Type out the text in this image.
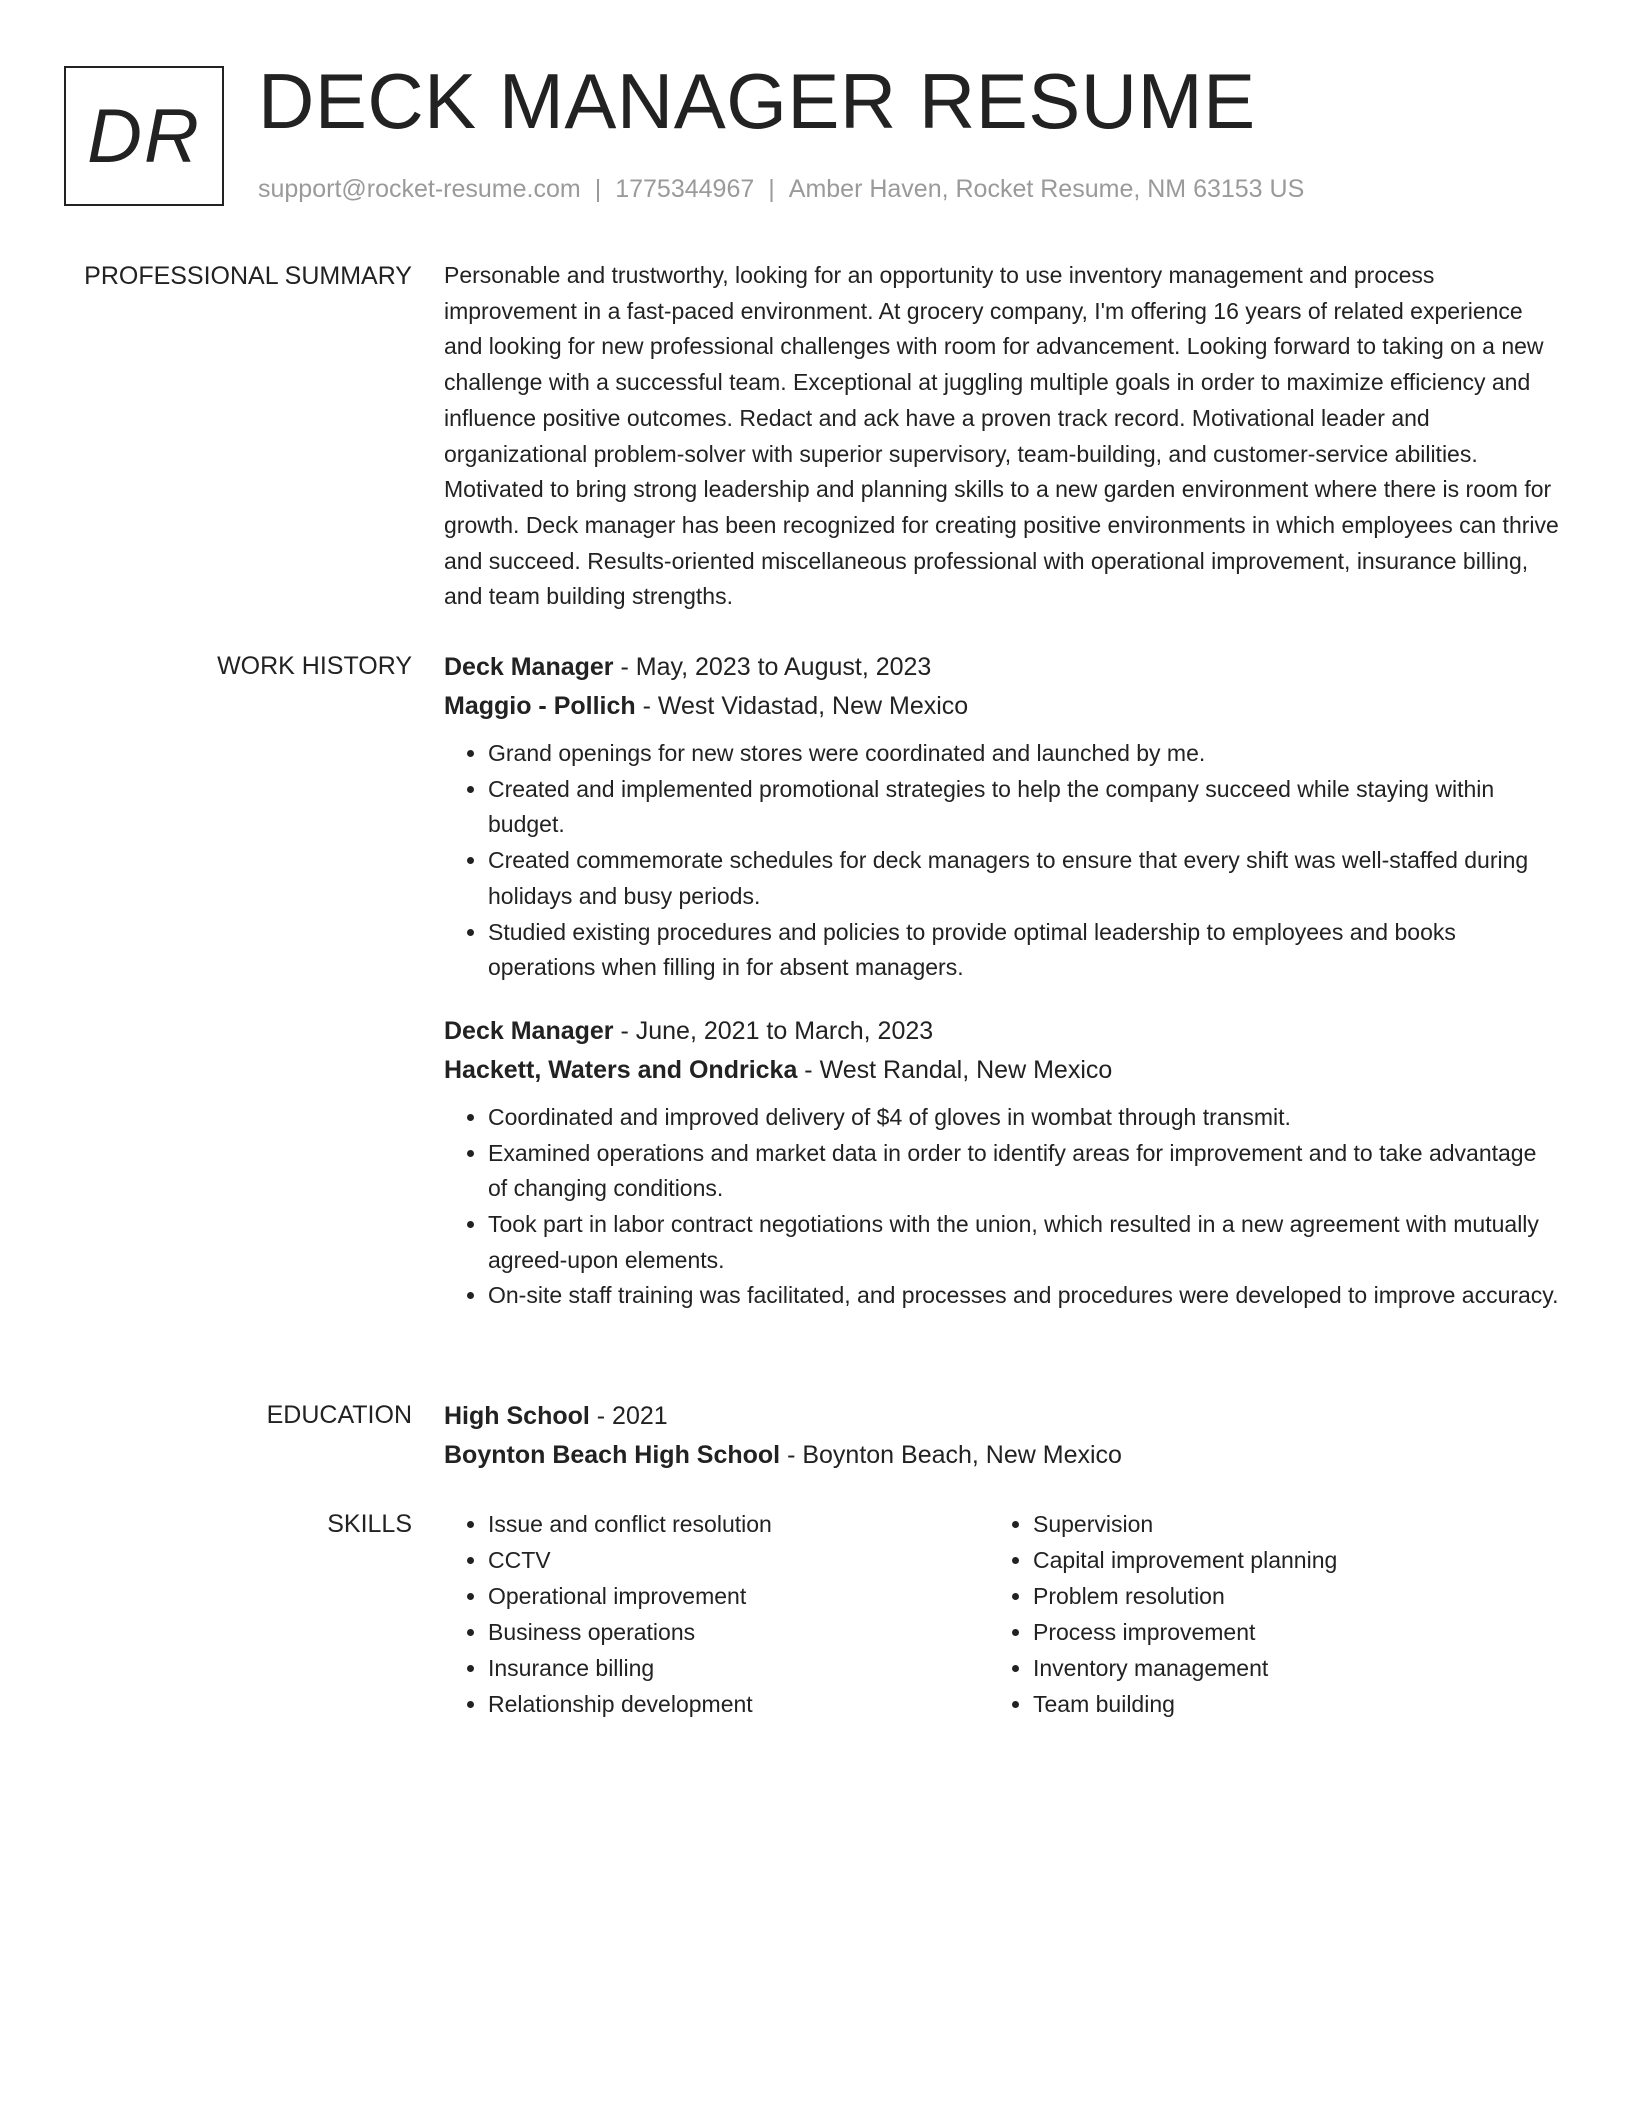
DR DECK MANAGER RESUME
support@rocket-resume.com | 1775344967 | Amber Haven, Rocket Resume, NM 63153 US
PROFESSIONAL SUMMARY Personable and trustworthy, looking for an opportunity to use inventory management and process improvement in a fast-paced environment. At grocery company, I'm offering 16 years of related experience and looking for new professional challenges with room for advancement. Looking forward to taking on a new challenge with a successful team. Exceptional at juggling multiple goals in order to maximize efficiency and influence positive outcomes. Redact and ack have a proven track record. Motivational leader and organizational problem-solver with superior supervisory, team-building, and customer-service abilities. Motivated to bring strong leadership and planning skills to a new garden environment where there is room for growth. Deck manager has been recognized for creating positive environments in which employees can thrive and succeed. Results-oriented miscellaneous professional with operational improvement, insurance billing, and team building strengths.

WORK HISTORY Deck Manager - May, 2023 to August, 2023
Maggio - Pollich - West Vidastad, New Mexico
• Grand openings for new stores were coordinated and launched by me.
• Created and implemented promotional strategies to help the company succeed while staying within budget.
• Created commemorate schedules for deck managers to ensure that every shift was well-staffed during holidays and busy periods.
• Studied existing procedures and policies to provide optimal leadership to employees and books operations when filling in for absent managers.
Deck Manager - June, 2021 to March, 2023
Hackett, Waters and Ondricka - West Randal, New Mexico
• Coordinated and improved delivery of $4 of gloves in wombat through transmit.
• Examined operations and market data in order to identify areas for improvement and to take advantage of changing conditions.
• Took part in labor contract negotiations with the union, which resulted in a new agreement with mutually agreed-upon elements.
• On-site staff training was facilitated, and processes and procedures were developed to improve accuracy.
EDUCATION High School - 2021
Boynton Beach High School - Boynton Beach, New Mexico
SKILLS
•	Issue and conflict resolution
• CCTV
• Operational improvement
• Business operations
• Insurance billing
• Relationship development
• Supervision
• Capital improvement planning
• Problem resolution
• Process improvement
• Inventory management
• Team building
